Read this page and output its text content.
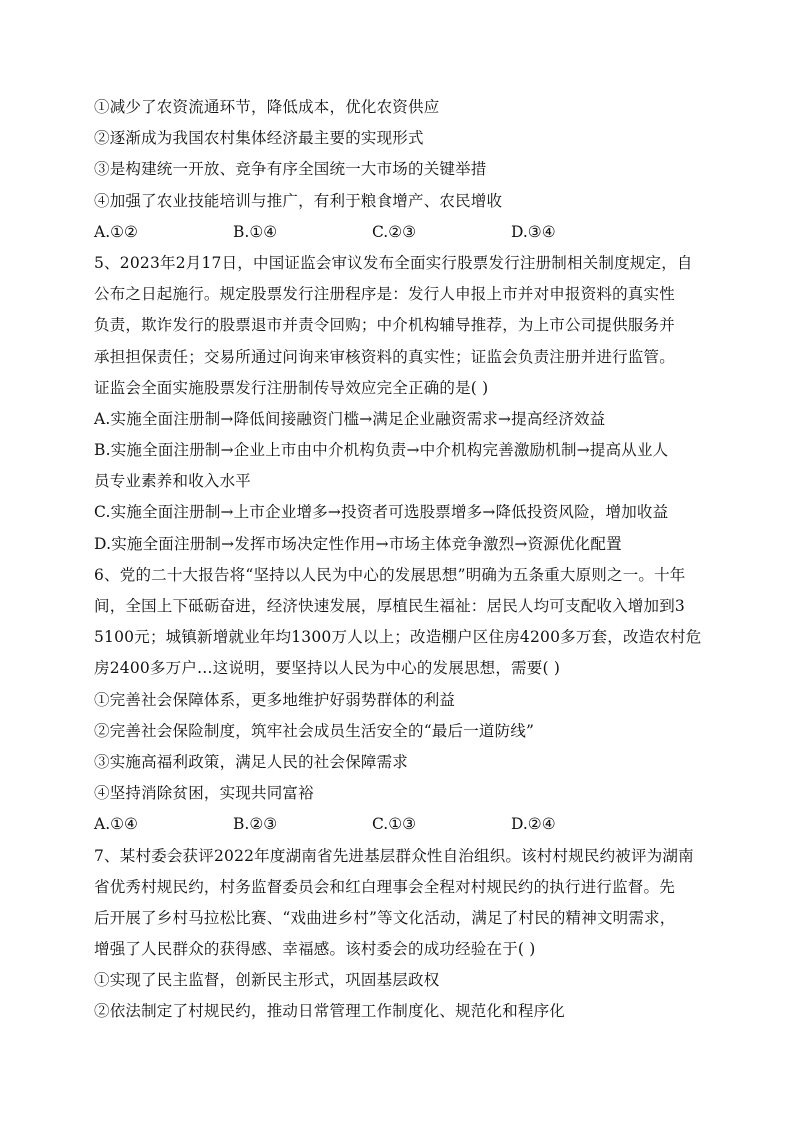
①减少了农资流通环节，降低成本，优化农资供应
②逐渐成为我国农村集体经济最主要的实现形式
③是构建统一开放、竞争有序全国统一大市场的关键举措
④加强了农业技能培训与推广，有利于粮食增产、农民增收
A.①②	B.①④	C.②③	D.③④
5、2023年2月17日，中国证监会审议发布全面实行股票发行注册制相关制度规定，自
公布之日起施行。规定股票发行注册程序是：发行人申报上市并对申报资料的真实性
负责，欺诈发行的股票退市并责令回购；中介机构辅导推荐，为上市公司提供服务并
承担担保责任；交易所通过问询来审核资料的真实性；证监会负责注册并进行监管。
证监会全面实施股票发行注册制传导效应完全正确的是( )
A.实施全面注册制→降低间接融资门槛→满足企业融资需求→提高经济效益
B.实施全面注册制→企业上市由中介机构负责→中介机构完善激励机制→提高从业人
员专业素养和收入水平
C.实施全面注册制→上市企业增多→投资者可选股票增多→降低投资风险，增加收益
D.实施全面注册制→发挥市场决定性作用→市场主体竞争激烈→资源优化配置
6、党的二十大报告将“坚持以人民为中心的发展思想”明确为五条重大原则之一。十年
间，全国上下砥砺奋进，经济快速发展，厚植民生福祉：居民人均可支配收入增加到3
5100元；城镇新增就业年均1300万人以上；改造棚户区住房4200多万套，改造农村危
房2400多万户…这说明，要坚持以人民为中心的发展思想，需要( )
①完善社会保障体系，更多地维护好弱势群体的利益
②完善社会保险制度，筑牢社会成员生活安全的“最后一道防线”
③实施高福利政策，满足人民的社会保障需求
④坚持消除贫困，实现共同富裕
A.①④	B.②③	C.①③	D.②④
7、某村委会获评2022年度湖南省先进基层群众性自治组织。该村村规民约被评为湖南
省优秀村规民约，村务监督委员会和红白理事会全程对村规民约的执行进行监督。先
后开展了乡村马拉松比赛、“戏曲进乡村”等文化活动，满足了村民的精神文明需求，
增强了人民群众的获得感、幸福感。该村委会的成功经验在于( )
①实现了民主监督，创新民主形式，巩固基层政权
②依法制定了村规民约，推动日常管理工作制度化、规范化和程序化
